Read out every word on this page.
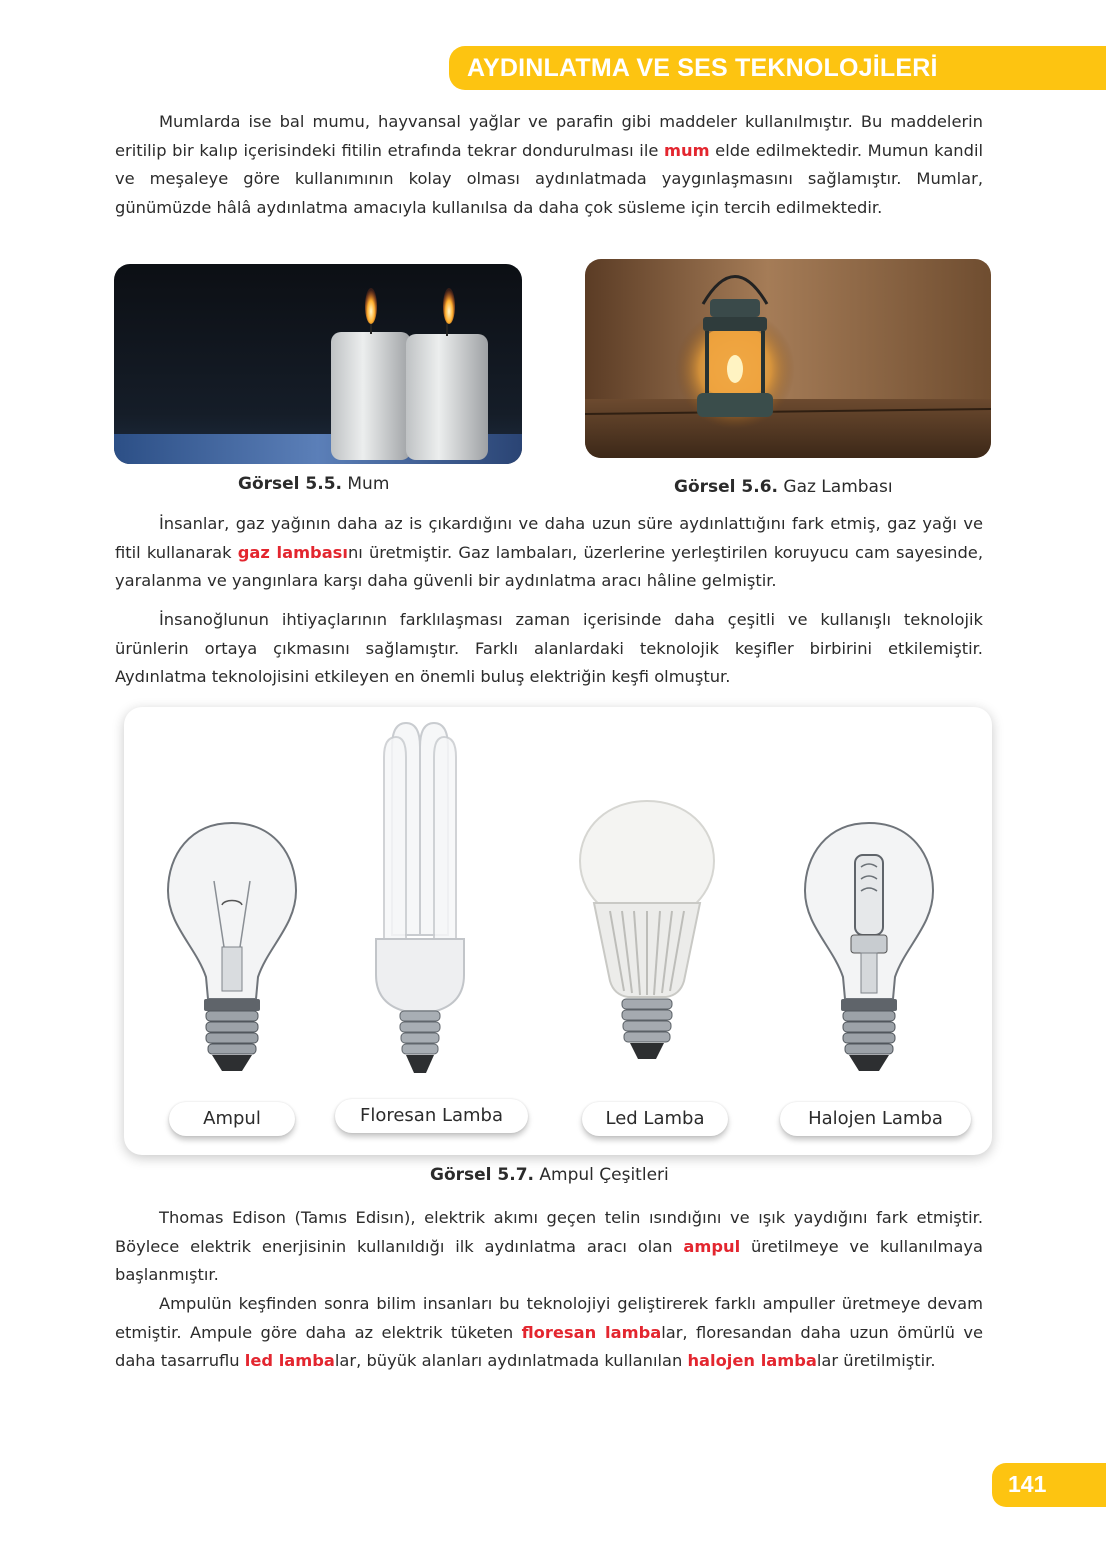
AYDINLATMA VE SES TEKNOLOJİLERİ

Mumlarda ise bal mumu, hayvansal yağlar ve parafin gibi maddeler kullanılmıştır. Bu maddelerin eritilip bir kalıp içerisindeki fitilin etrafında tekrar dondurulması ile mum elde edilmektedir. Mumun kandil ve meşaleye göre kullanımının kolay olması aydınlatmada yaygınlaşmasını sağlamıştır. Mumlar, günümüzde hâlâ aydınlatma amacıyla kullanılsa da daha çok süsleme için tercih edilmektedir.

Görsel 5.5. Mum	Görsel 5.6. Gaz Lambası

İnsanlar, gaz yağının daha az is çıkardığını ve daha uzun süre aydınlattığını fark etmiş, gaz yağı ve fitil kullanarak gaz lambasını üretmiştir. Gaz lambaları, üzerlerine yerleştirilen koruyucu cam sayesinde, yaralanma ve yangınlara karşı daha güvenli bir aydınlatma aracı hâline gelmiştir.

İnsanoğlunun ihtiyaçlarının farklılaşması zaman içerisinde daha çeşitli ve kullanışlı teknolojik ürünlerin ortaya çıkmasını sağlamıştır. Farklı alanlardaki teknolojik keşifler birbirini etkilemiştir. Aydınlatma teknolojisini etkileyen en önemli buluş elektriğin keşfi olmuştur.

Ampul	Floresan Lamba	Led Lamba	Halojen Lamba
Görsel 5.7. Ampul Çeşitleri

Thomas Edison (Tamıs Edisın), elektrik akımı geçen telin ısındığını ve ışık yaydığını fark etmiştir. Böylece elektrik enerjisinin kullanıldığı ilk aydınlatma aracı olan ampul üretilmeye ve kullanılmaya başlanmıştır.

Ampulün keşfinden sonra bilim insanları bu teknolojiyi geliştirerek farklı ampuller üretmeye devam etmiştir. Ampule göre daha az elektrik tüketen floresan lambalar, floresandan daha uzun ömürlü ve daha tasarruflu led lambalar, büyük alanları aydınlatmada kullanılan halojen lambalar üretilmiştir.

141
